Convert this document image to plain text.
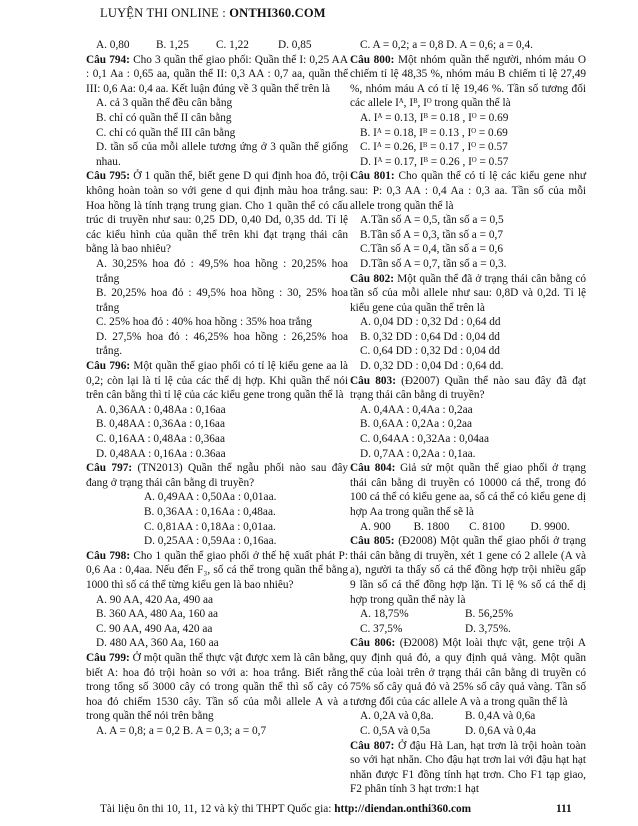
LUYỆN THI ONLINE : ONTHI360.COM

A. 0,80	B. 1,25	C. 1,22	D. 0,85

Câu 794: Cho 3 quần thể giao phối: Quần thể I: 0,25 AA : 0,1 Aa : 0,65 aa, quần thể II: 0,3 AA : 0,7 aa, quần thể III: 0,6 Aa: 0,4 aa. Kết luận đúng về 3 quần thể trên là

A. cả 3 quần thể đều cân bằng

B. chỉ có quần thể II cân bằng

C. chỉ có quần thể III cân bằng

D. tần số của mỗi allele tương ứng ở 3 quần thể giống nhau.

Câu 795: Ở 1 quần thể, biết gene D qui định hoa đỏ, trội không hoàn toàn so với gene d qui định màu hoa trắng. Hoa hồng là tính trạng trung gian. Cho 1 quần thể có cấu trúc di truyền như sau: 0,25 DD, 0,40 Dd, 0,35 dd. Tỉ lệ các kiểu hình của quần thể trên khi đạt trạng thái cân bằng là bao nhiêu?

A. 30,25% hoa đỏ : 49,5% hoa hồng : 20,25% hoa trắng

B. 20,25% hoa đỏ : 49,5% hoa hồng : 30, 25% hoa trắng

C. 25% hoa đỏ : 40% hoa hồng : 35% hoa trắng

D. 27,5% hoa đỏ : 46,25% hoa hồng : 26,25% hoa trắng.

Câu 796: Một quần thể giao phối có tỉ lệ kiểu gene aa là 0,2; còn lại là tỉ lệ của các thể dị hợp. Khi quần thể nói trên cân bằng thì tỉ lệ của các kiểu gene trong quần thể là

A. 0,36AA : 0,48Aa : 0,16aa

B. 0,48AA : 0,36Aa : 0,16aa

C. 0,16AA : 0,48Aa : 0,36aa

D. 0,48AA : 0,16Aa : 0.36aa

Câu 797: (TN2013) Quần thể ngẫu phối nào sau đây đang ở trạng thái cân bằng di truyền?

A. 0,49AA : 0,50Aa : 0,01aa.

B. 0,36AA : 0,16Aa : 0,48aa.

C. 0,81AA : 0,18Aa : 0,01aa.

D. 0,25AA : 0,59Aa : 0,16aa.

Câu 798: Cho 1 quần thể giao phối ở thế hệ xuất phát P: 0,6 Aa : 0,4aa. Nếu đến F₃, số cá thể trong quần thể bằng 1000 thì số cá thể từng kiểu gen là bao nhiêu?

A. 90 AA, 420 Aa, 490 aa

B. 360 AA, 480 Aa, 160 aa

C. 90 AA, 490 Aa, 420 aa

D. 480 AA, 360 Aa, 160 aa

Câu 799: Ở một quần thể thực vật được xem là cân bằng, biết A: hoa đỏ trội hoàn so với a: hoa trắng. Biết rằng trong tổng số 3000 cây có trong quần thể thì số cây có hoa đỏ chiếm 1530 cây. Tần số của mỗi allele A và a trong quần thể nói trên bằng

A. A = 0,8; a = 0,2 B. A = 0,3; a = 0,7

C. A = 0,2; a = 0,8 D. A = 0,6; a = 0,4.

Câu 800: Một nhóm quần thể người, nhóm máu O chiếm tỉ lệ 48,35 %, nhóm máu B chiếm tỉ lệ 27,49 %, nhóm máu A có tỉ lệ 19,46 %. Tần số tương đối các allele Iᴬ, Iᴮ, Iᴼ trong quần thể là

A. Iᴬ = 0.13, Iᴮ = 0.18 , Iᴼ = 0.69

B. Iᴬ = 0.18, Iᴮ = 0.13 , Iᴼ = 0.69

C. Iᴬ = 0.26, Iᴮ = 0.17 , Iᴼ = 0.57

D. Iᴬ = 0.17, Iᴮ = 0.26 , Iᴼ = 0.57

Câu 801: Cho quần thể có tỉ lệ các kiểu gene như sau: P: 0,3 AA : 0,4 Aa : 0,3 aa. Tần số của mỗi allele trong quần thể là

A.Tần số A = 0,5, tần số a = 0,5

B.Tần số A = 0,3, tần số a = 0,7

C.Tần số A = 0,4, tần số a = 0,6

D.Tần số A = 0,7, tần số a = 0,3.

Câu 802: Một quần thể đã ở trạng thái cân bằng có tần số của mỗi allele như sau: 0,8D và 0,2d. Tỉ lệ kiểu gene của quần thể trên là

A. 0,04 DD : 0,32 Dd : 0,64 dd

B. 0,32 DD : 0,64 Dd : 0,04 dd

C. 0,64 DD : 0,32 Dd : 0,04 dd

D. 0,32 DD : 0,04 Dd : 0,64 dd.

Câu 803: (Đ2007) Quần thể nào sau đây đã đạt trạng thái cân bằng di truyền?

A. 0,4AA : 0,4Aa : 0,2aa

B. 0,6AA : 0,2Aa : 0,2aa

C. 0,64AA : 0,32Aa : 0,04aa

D. 0,7AA : 0,2Aa : 0,1aa.

Câu 804: Giả sử một quần thể giao phối ở trạng thái cân bằng di truyền có 10000 cá thể, trong đó 100 cá thể có kiểu gene aa, số cá thể có kiểu gene dị hợp Aa trong quần thể sẽ là

A. 900	B. 1800	C. 8100	D. 9900.

Câu 805: (Đ2008) Một quần thể giao phối ở trạng thái cân bằng di truyền, xét 1 gene có 2 allele (A và a), người ta thấy số cá thể đồng hợp trội nhiều gấp 9 lần số cá thể đồng hợp lặn. Tỉ lệ % số cá thể dị hợp trong quần thể này là

A. 18,75%	B. 56,25%

C. 37,5%	D. 3,75%.

Câu 806: (Đ2008) Một loài thực vật, gene trội A quy định quả đỏ, a quy định quả vàng. Một quần thể của loài trên ở trạng thái cân bằng di truyền có 75% số cây quả đỏ và 25% số cây quả vàng. Tần số tương đối của các allele A và a trong quần thể là

A. 0,2A và 0,8a.	B. 0,4A và 0,6a

C. 0,5A và 0,5a	D. 0,6A và 0,4a

Câu 807: Ở đậu Hà Lan, hạt trơn là trội hoàn toàn so với hạt nhăn. Cho đậu hạt trơn lai với đậu hạt hạt nhăn được F1 đồng tính hạt trơn. Cho F1 tạp giao, F2 phân tính 3 hạt trơn:1 hạt

Tài liệu ôn thi 10, 11, 12 và kỳ thi THPT Quốc gia: http://diendan.onthi360.com	111
